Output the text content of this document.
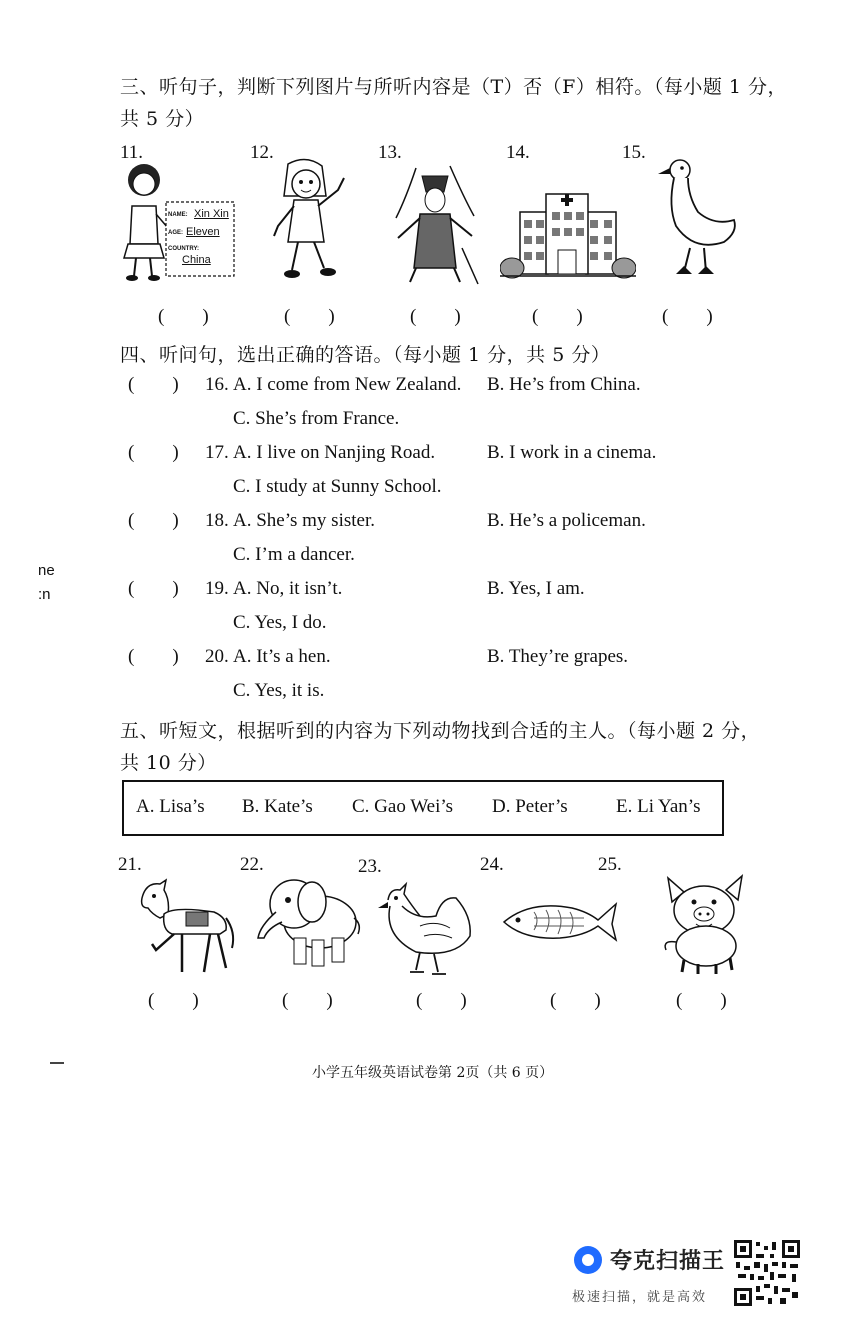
三、听句子，判断下列图片与所听内容是（T）否（F）相符。（每小题 1 分，
共 5 分）
11.	12.	13.	14.	15.
NAME: Xin Xin
AGE: Eleven
COUNTRY:
China
(        )	(        )	(        )	(        )	(        )
四、听问句，选出正确的答语。（每小题 1 分，共 5 分）
(        ) 16. A. I come from New Zealand. B. He’s from China.
C. She’s from France.
(        ) 17. A. I live on Nanjing Road.	B. I work in a cinema.
C. I study at Sunny School.
(        ) 18. A. She’s my sister.	B. He’s a policeman.
C. I’m a dancer.
(        ) 19. A. No, it isn’t.	B. Yes, I am.
C. Yes, I do.
(        ) 20. A. It’s a hen.	B. They’re grapes.
C. Yes, it is.
ne
:n
五、听短文，根据听到的内容为下列动物找到合适的主人。（每小题 2 分，
共 10 分）
A. Lisa’s B. Kate’s C. Gao Wei’s D. Peter’s	E. Li Yan’s
21.	22.	23.	24.	25.
(        )	(        )	(        )	(        )	(        )
小学五年级英语试卷第 2页（共 6 页）
夸克扫描王
极速扫描，就是高效
